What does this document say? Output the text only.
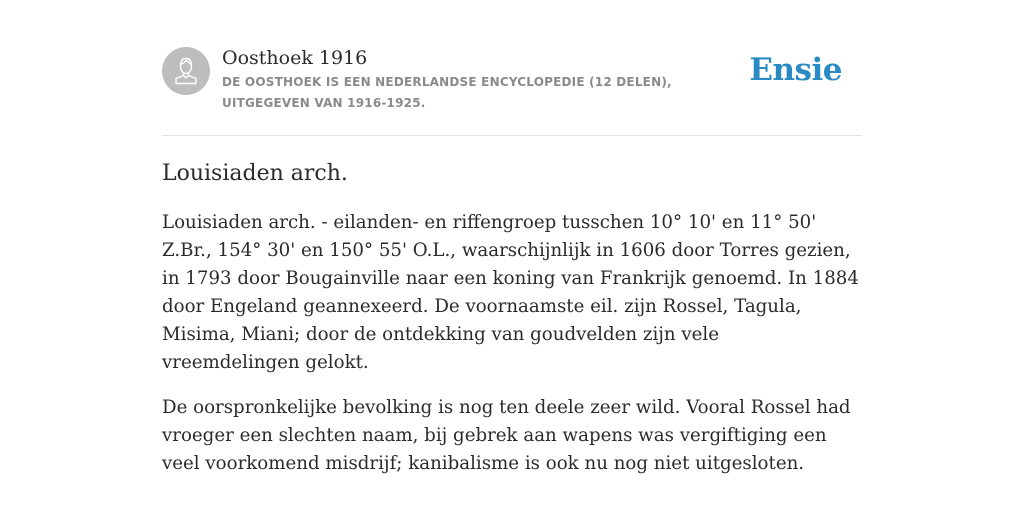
Oosthoek 1916

DE OOSTHOEK IS EEN NEDERLANDSE ENCYCLOPEDIE (12 DELEN), UITGEGEVEN VAN 1916-1925.

Ensie
Louisiaden arch.

Louisiaden arch. - eilanden- en riffengroep tusschen 10° 10' en 11° 50' Z.Br., 154° 30' en 150° 55' O.L., waarschijnlijk in 1606 door Torres gezien, in 1793 door Bougainville naar een koning van Frankrijk genoemd. In 1884 door Engeland geannexeerd. De voornaamste eil. zijn Rossel, Tagula, Misima, Miani; door de ontdekking van goudvelden zijn vele vreemdelingen gelokt.

De oorspronkelijke bevolking is nog ten deele zeer wild. Vooral Rossel had vroeger een slechten naam, bij gebrek aan wapens was vergiftiging een veel voorkomend misdrijf; kanibalisme is ook nu nog niet uitgesloten.
